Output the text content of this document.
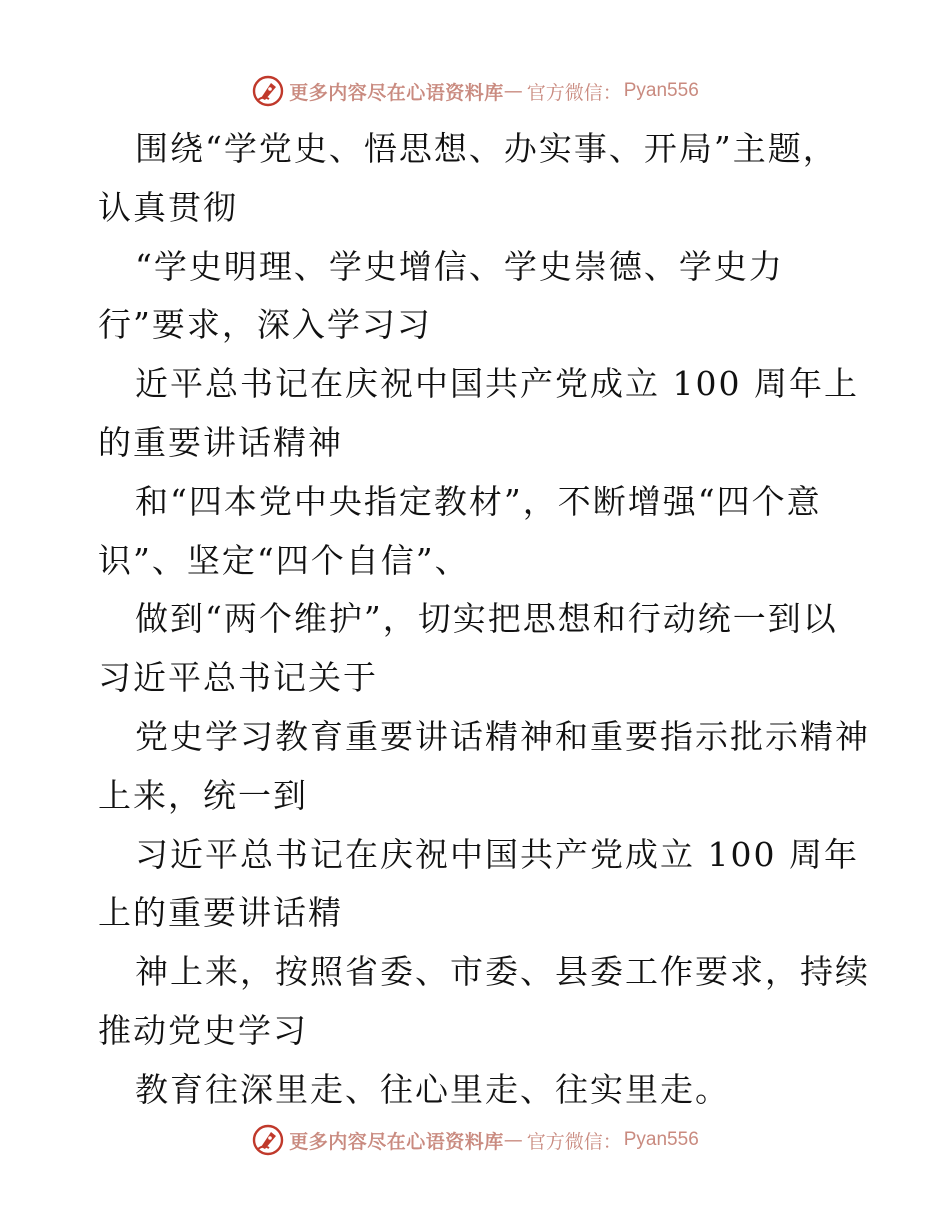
更多内容尽在心语资料库 — 官方微信： Pyan556
围绕“学党史、悟思想、办实事、开局”主题，
认真贯彻
“学史明理、学史增信、学史崇德、学史力
行”要求，深入学习习
近平总书记在庆祝中国共产党成立 100 周年上
的重要讲话精神
和“四本党中央指定教材”，不断增强“四个意
识”、坚定“四个自信”、
做到“两个维护”，切实把思想和行动统一到以
习近平总书记关于
党史学习教育重要讲话精神和重要指示批示精神
上来，统一到
习近平总书记在庆祝中国共产党成立 100 周年
上的重要讲话精
神上来，按照省委、市委、县委工作要求，持续
推动党史学习
教育往深里走、往心里走、往实里走。
更多内容尽在心语资料库 — 官方微信： Pyan556
